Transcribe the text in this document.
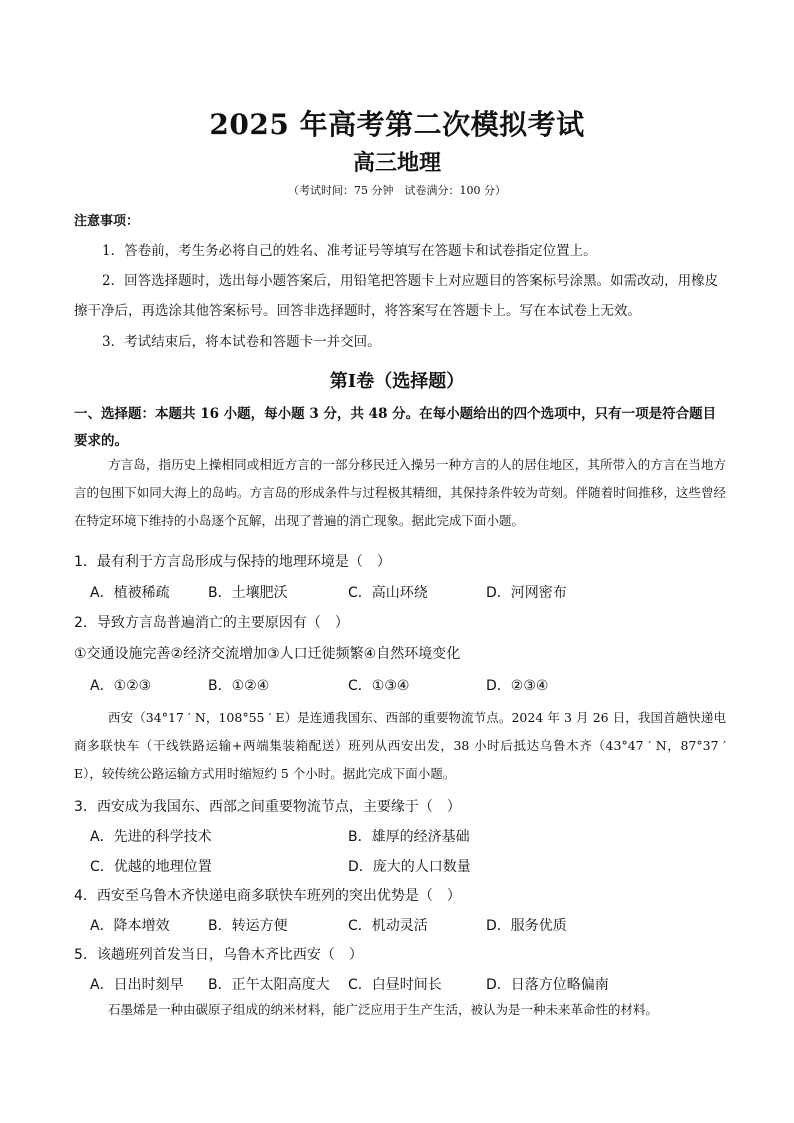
2025 年高考第二次模拟考试
高三地理
（考试时间：75 分钟　试卷满分：100 分）
注意事项：
1．答卷前，考生务必将自己的姓名、准考证号等填写在答题卡和试卷指定位置上。
2．回答选择题时，选出每小题答案后，用铅笔把答题卡上对应题目的答案标号涂黑。如需改动，用橡皮擦干净后，再选涂其他答案标号。回答非选择题时，将答案写在答题卡上。写在本试卷上无效。
3．考试结束后，将本试卷和答题卡一并交回。
第Ⅰ卷（选择题）
一、选择题：本题共 16 小题，每小题 3 分，共 48 分。在每小题给出的四个选项中，只有一项是符合题目要求的。
方言岛，指历史上操相同或相近方言的一部分移民迁入操另一种方言的人的居住地区，其所带入的方言在当地方言的包围下如同大海上的岛屿。方言岛的形成条件与过程极其精细，其保持条件较为苛刻。伴随着时间推移，这些曾经在特定环境下维持的小岛逐个瓦解，出现了普遍的消亡现象。据此完成下面小题。
1．最有利于方言岛形成与保持的地理环境是（　）
A．植被稀疏	B．土壤肥沃	C．高山环绕	D．河网密布
2．导致方言岛普遍消亡的主要原因有（　）
①交通设施完善②经济交流增加③人口迁徙频繁④自然环境变化
A．①②③	B．①②④	C．①③④	D．②③④
西安（34°17 ′ N，108°55 ′ E）是连通我国东、西部的重要物流节点。2024 年 3 月 26 日，我国首趟快递电商多联快车（干线铁路运输+两端集装箱配送）班列从西安出发，38 小时后抵达乌鲁木齐（43°47 ′ N，87°37 ′ E），较传统公路运输方式用时缩短约 5 个小时。据此完成下面小题。
3．西安成为我国东、西部之间重要物流节点，主要缘于（　）
A．先进的科学技术	B．雄厚的经济基础
C．优越的地理位置	D．庞大的人口数量
4．西安至乌鲁木齐快递电商多联快车班列的突出优势是（　）
A．降本增效	B．转运方便	C．机动灵活	D．服务优质
5．该趟班列首发当日，乌鲁木齐比西安（　）
A．日出时刻早 B．正午太阳高度大 C．白昼时间长	D．日落方位略偏南
石墨烯是一种由碳原子组成的纳米材料，能广泛应用于生产生活，被认为是一种未来革命性的材料。
